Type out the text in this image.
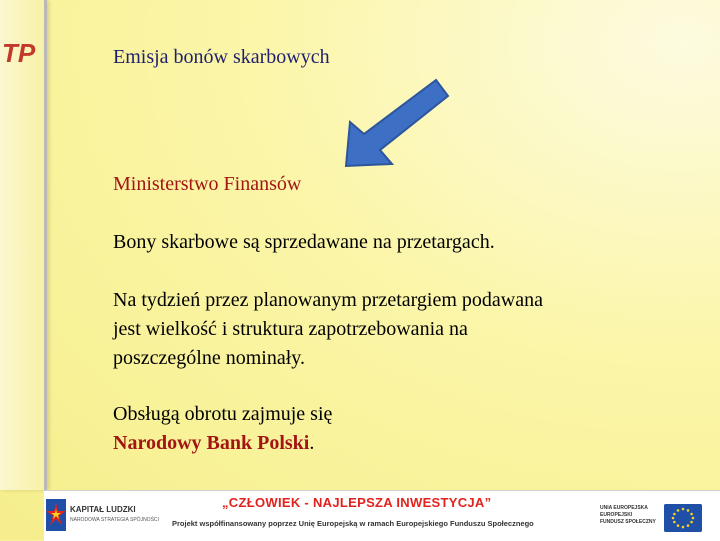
TP	Emisja bonów skarbowych
Ministerstwo Finansów
Bony skarbowe są sprzedawane na przetargach.
Na tydzień przez planowanym przetargiem podawana
jest wielkość i struktura zapotrzebowania na
poszczególne nominały.
Obsługą obrotu zajmuje się
Narodowy Bank Polski.
KAPITAŁ LUDZKI
NARODOWA STRATEGIA SPÓJNOŚCI
„CZŁOWIEK - NAJLEPSZA INWESTYCJA”
Projekt współfinansowany poprzez Unię Europejską w ramach Europejskiego Funduszu Społecznego
UNIA EUROPEJSKA
EUROPEJSKI
FUNDUSZ SPOŁECZNY
